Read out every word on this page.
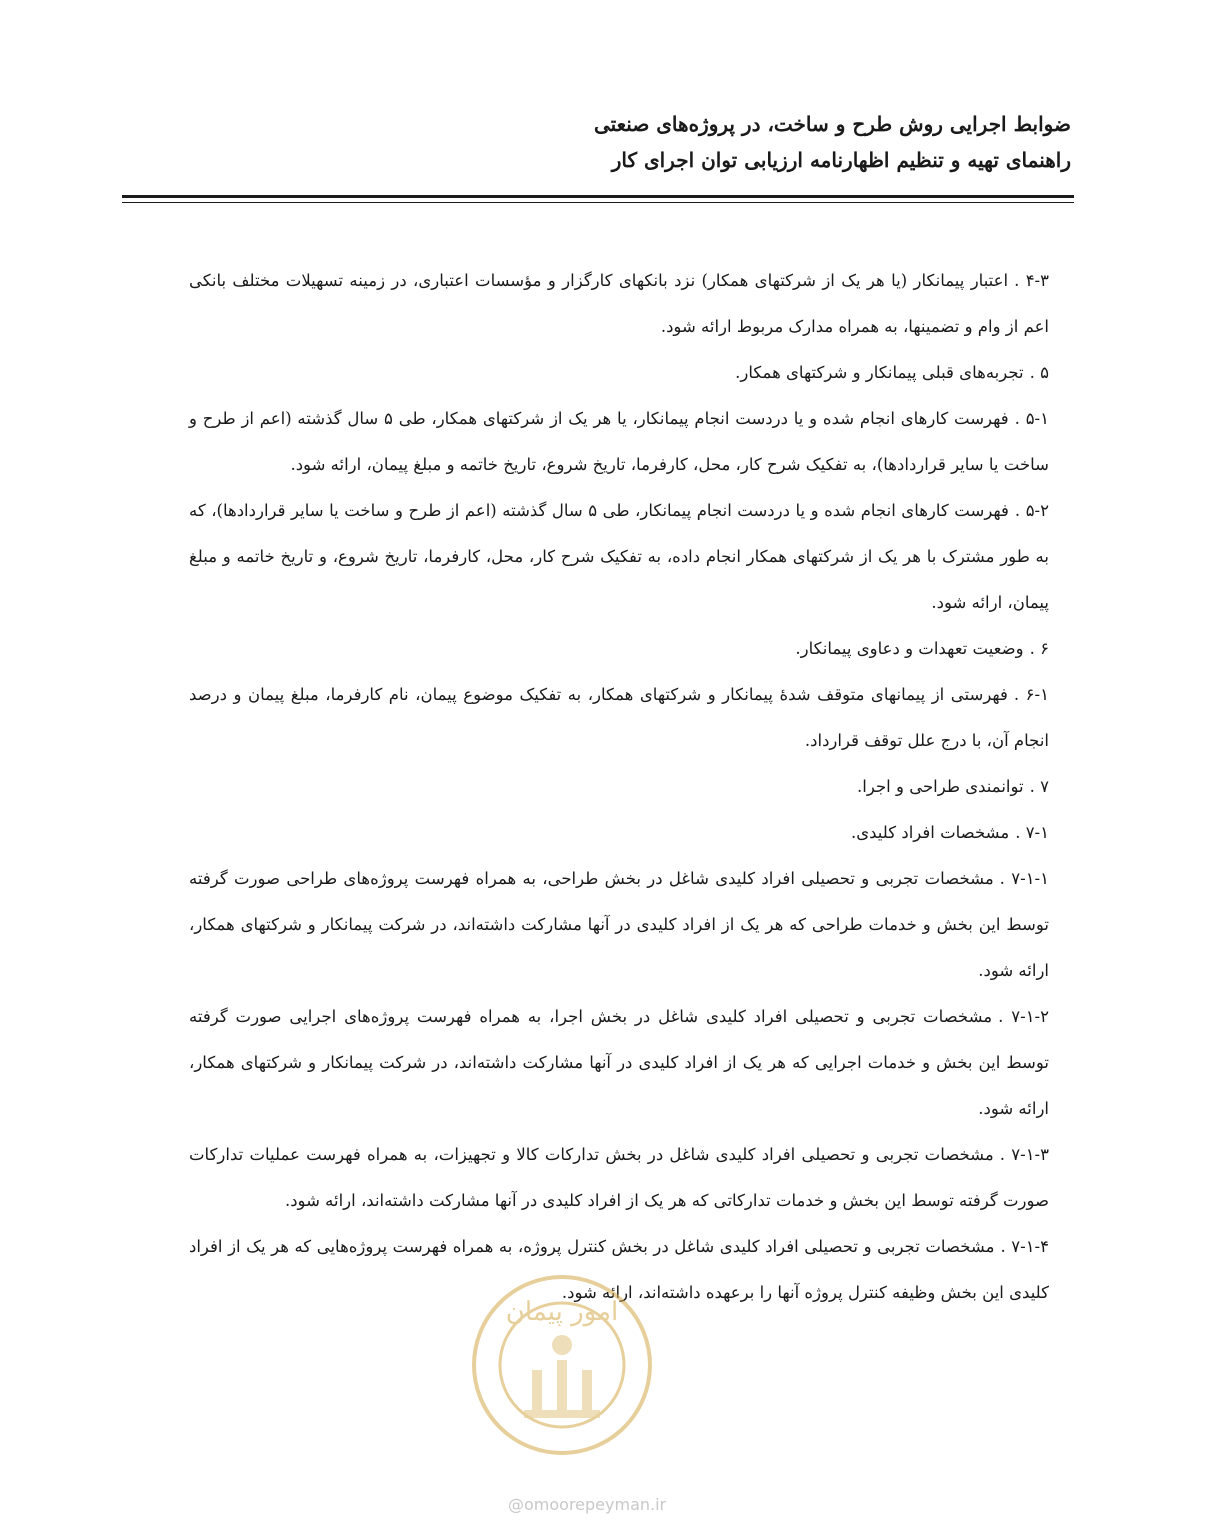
ضوابط اجرایی روش طرح و ساخت، در پروژه‌های صنعتی
راهنمای تهیه و تنظیم اظهارنامه ارزیابی توان اجرای کار

۴-۳ .اعتبار پیمانکار (یا هر یک از شرکتهای همکار) نزد بانکهای کارگزار و مؤسسات اعتباری، در زمینه تسهیلات مختلف بانکی اعم از وام و تضمینها، به همراه مدارک مربوط ارائه شود.

۵ .تجربه‌های قبلی پیمانکار و شرکتهای همکار.

۵-۱ .فهرست کارهای انجام شده و یا دردست انجام پیمانکار، یا هر یک از شرکتهای همکار، طی ۵ سال گذشته (اعم از طرح و ساخت یا سایر قراردادها)، به تفکیک شرح کار، محل، کارفرما، تاریخ شروع، تاریخ خاتمه و مبلغ پیمان، ارائه شود.

۵-۲ .فهرست کارهای انجام شده و یا دردست انجام پیمانکار، طی ۵ سال گذشته (اعم از طرح و ساخت یا سایر قراردادها)، که به طور مشترک با هر یک از شرکتهای همکار انجام داده، به تفکیک شرح کار، محل، کارفرما، تاریخ شروع، و تاریخ خاتمه و مبلغ پیمان، ارائه شود.

۶ .وضعیت تعهدات و دعاوی پیمانکار.

۶-۱ .فهرستی از پیمانهای متوقف شدهٔ پیمانکار و شرکتهای همکار، به تفکیک موضوع پیمان، نام کارفرما، مبلغ پیمان و درصد انجام آن، با درج علل توقف قرارداد.

۷ .توانمندی طراحی و اجرا.

۷-۱ .مشخصات افراد کلیدی.

۷-۱-۱ .مشخصات تجربی و تحصیلی افراد کلیدی شاغل در بخش طراحی، به همراه فهرست پروژه‌های طراحی صورت گرفته توسط این بخش و خدمات طراحی که هر یک از افراد کلیدی در آنها مشارکت داشته‌اند، در شرکت پیمانکار و شرکتهای همکار، ارائه شود.

۷-۱-۲ .مشخصات تجربی و تحصیلی افراد کلیدی شاغل در بخش اجرا، به همراه فهرست پروژه‌های اجرایی صورت گرفته توسط این بخش و خدمات اجرایی که هر یک از افراد کلیدی در آنها مشارکت داشته‌اند، در شرکت پیمانکار و شرکتهای همکار، ارائه شود.

۷-۱-۳ .مشخصات تجربی و تحصیلی افراد کلیدی شاغل در بخش تدارکات کالا و تجهیزات، به همراه فهرست عملیات تدارکات صورت گرفته توسط این بخش و خدمات تدارکاتی که هر یک از افراد کلیدی در آنها مشارکت داشته‌اند، ارائه شود.

۷-۱-۴ .مشخصات تجربی و تحصیلی افراد کلیدی شاغل در بخش کنترل پروژه، به همراه فهرست پروژه‌هایی که هر یک از افراد کلیدی این بخش وظیفه کنترل پروژه آنها را برعهده داشته‌اند، ارائه شود.

امور پیمان
@omoorepeyman.ir
